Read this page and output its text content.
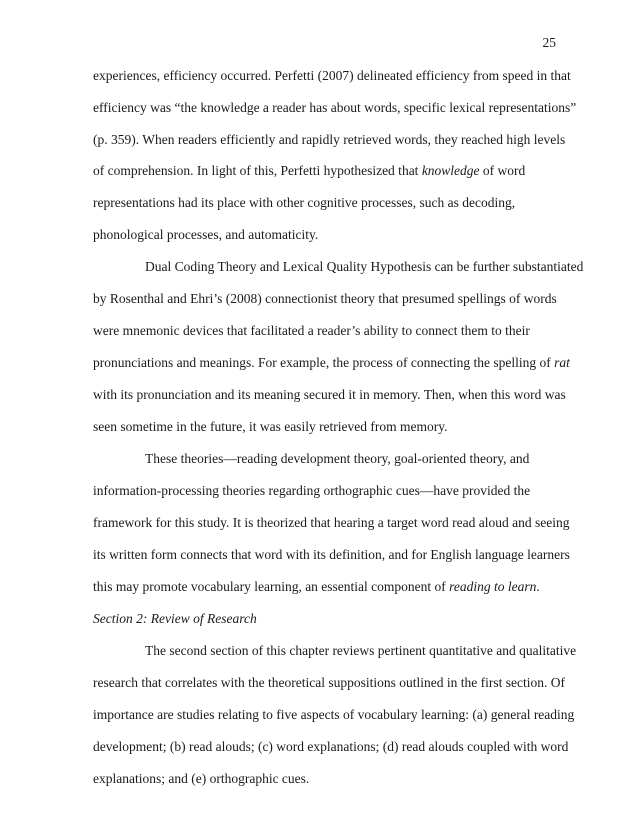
25
experiences, efficiency occurred. Perfetti (2007) delineated efficiency from speed in that
efficiency was “the knowledge a reader has about words, specific lexical representations”
(p. 359). When readers efficiently and rapidly retrieved words, they reached high levels
of comprehension. In light of this, Perfetti hypothesized that knowledge of word
representations had its place with other cognitive processes, such as decoding,
phonological processes, and automaticity.
Dual Coding Theory and Lexical Quality Hypothesis can be further substantiated
by Rosenthal and Ehri’s (2008) connectionist theory that presumed spellings of words
were mnemonic devices that facilitated a reader’s ability to connect them to their
pronunciations and meanings. For example, the process of connecting the spelling of rat
with its pronunciation and its meaning secured it in memory. Then, when this word was
seen sometime in the future, it was easily retrieved from memory.
These theories—reading development theory, goal-oriented theory, and
information-processing theories regarding orthographic cues—have provided the
framework for this study. It is theorized that hearing a target word read aloud and seeing
its written form connects that word with its definition, and for English language learners
this may promote vocabulary learning, an essential component of reading to learn.
Section 2: Review of Research
The second section of this chapter reviews pertinent quantitative and qualitative
research that correlates with the theoretical suppositions outlined in the first section. Of
importance are studies relating to five aspects of vocabulary learning: (a) general reading
development; (b) read alouds; (c) word explanations; (d) read alouds coupled with word
explanations; and (e) orthographic cues.
